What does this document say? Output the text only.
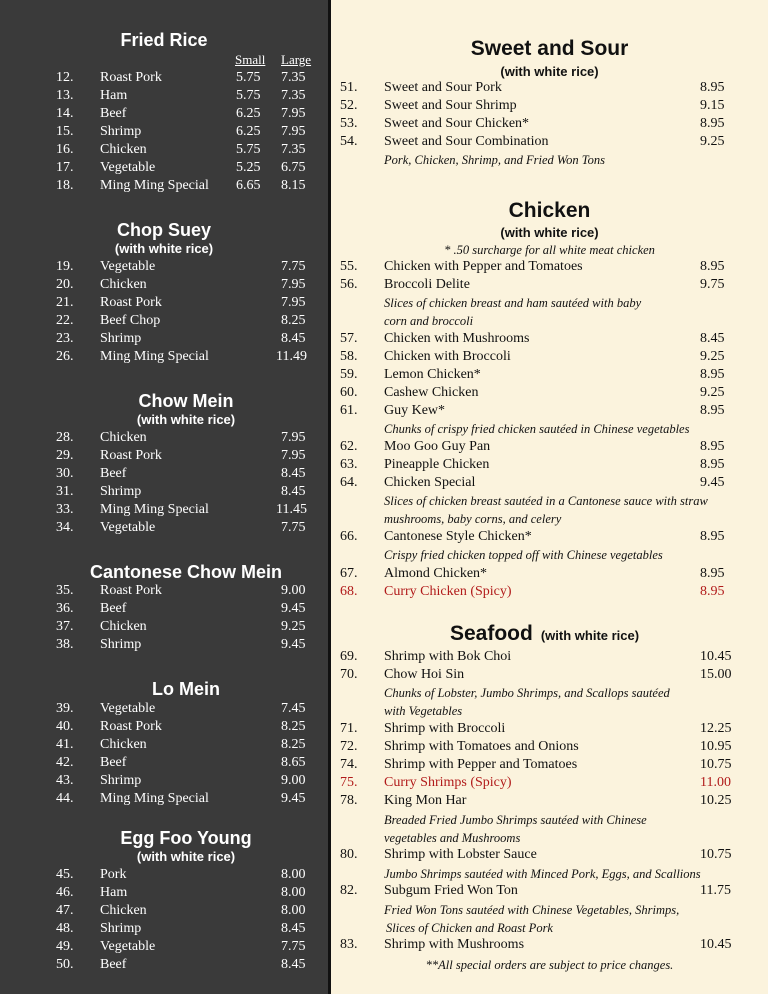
Fried Rice
Small Large
12. Roast Pork	5.75 7.35
13. Ham	5.75 7.35
14. Beef	6.25 7.95
15. Shrimp	6.25 7.95
16. Chicken	5.75 7.35
17. Vegetable	5.25 6.75
18. Ming Ming Special 6.65 8.15
Chop Suey
(with white rice)
19. Vegetable	7.75
20. Chicken	7.95
21. Roast Pork	7.95
22. Beef Chop	8.25
23. Shrimp	8.45
26. Ming Ming Special	11.49
Chow Mein
(with white rice)
28. Chicken	7.95
29. Roast Pork	7.95
30. Beef	8.45
31. Shrimp	8.45
33. Ming Ming Special	11.45
34. Vegetable	7.75
Cantonese Chow Mein
35. Roast Pork	9.00
36. Beef	9.45
37. Chicken	9.25
38. Shrimp	9.45
Lo Mein
39. Vegetable	7.45
40. Roast Pork	8.25
41. Chicken	8.25
42. Beef	8.65
43. Shrimp	9.00
44. Ming Ming Special	9.45
Egg Foo Young
(with white rice)
45. Pork	8.00
46. Ham	8.00
47. Chicken	8.00
48. Shrimp	8.45
49. Vegetable	7.75
50. Beef	8.45
Sweet and Sour
(with white rice)
51. Sweet and Sour Pork	8.95
52. Sweet and Sour Shrimp	9.15
53. Sweet and Sour Chicken*	8.95
54. Sweet and Sour Combination	9.25
Pork, Chicken, Shrimp, and Fried Won Tons
Chicken
(with white rice)
* .50 surcharge for all white meat chicken
55. Chicken with Pepper and Tomatoes	8.95
56. Broccoli Delite	9.75
Slices of chicken breast and ham sautéed with baby
corn and broccoli
57. Chicken with Mushrooms	8.45
58. Chicken with Broccoli	9.25
59. Lemon Chicken*	8.95
60. Cashew Chicken	9.25
61. Guy Kew*	8.95
Chunks of crispy fried chicken sautéed in Chinese vegetables
62. Moo Goo Guy Pan	8.95
63. Pineapple Chicken	8.95
64. Chicken Special	9.45
Slices of chicken breast sautéed in a Cantonese sauce with straw
mushrooms, baby corns, and celery
66. Cantonese Style Chicken*	8.95
Crispy fried chicken topped off with Chinese vegetables
67. Almond Chicken*	8.95
68. Curry Chicken (Spicy)	8.95
Seafood (with white rice)
69. Shrimp with Bok Choi	10.45
70. Chow Hoi Sin	15.00
Chunks of Lobster, Jumbo Shrimps, and Scallops sautéed
with Vegetables
71. Shrimp with Broccoli	12.25
72. Shrimp with Tomatoes and Onions	10.95
74. Shrimp with Pepper and Tomatoes	10.75
75. Curry Shrimps (Spicy)	11.00
78. King Mon Har	10.25
Breaded Fried Jumbo Shrimps sautéed with Chinese
vegetables and Mushrooms
80. Shrimp with Lobster Sauce	10.75
Jumbo Shrimps sautéed with Minced Pork, Eggs, and Scallions
82. Subgum Fried Won Ton	11.75
Fried Won Tons sautéed with Chinese Vegetables, Shrimps,
Slices of Chicken and Roast Pork
83. Shrimp with Mushrooms	10.45
**All special orders are subject to price changes.
